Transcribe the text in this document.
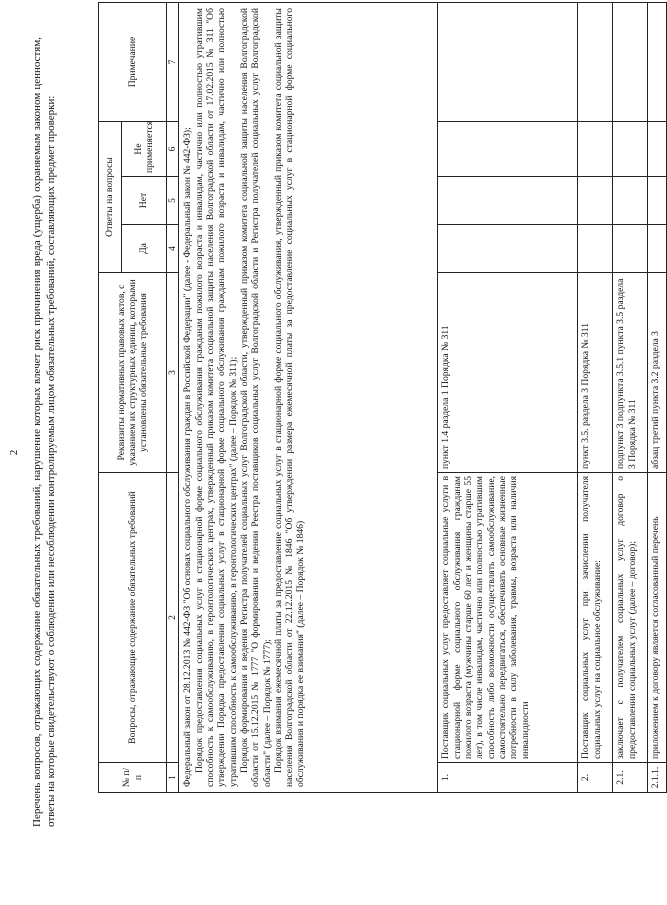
2 Перечень вопросов, отражающих содержание обязательных требований, нарушение которых влечет риск причинения вреда (ущерба) охраняемым законом ценностям, ответы на которые свидетельствуют о соблюдении или несоблюдении контролируемым лицом обязательных требований, составляющих предмет проверки:	№ п/п	Вопросы, отражающие содержание обязательных требований	Реквизиты нормативных правовых актов, с указанием их структурных единиц, которыми установлены обязательные требования	Ответы на вопросы			Примечание
			Да	Нет	Не применяется	
1	2	3	4	5	6	7

Федеральный закон от 28.12.2013 № 442-ФЗ "Об основах социального обслуживания граждан в Российской Федерации" (далее - Федеральный закон № 442-ФЗ); Порядок предоставления социальных услуг в стационарной форме социального обслуживания гражданам пожилого возраста и инвалидам, частично или полностью утратившим способность к самообслуживанию, в геронтологических центрах, утвержденный приказом комитета социальной защиты населения Волгоградской области от 17.02.2015 № 311 "Об утверждении Порядка предоставления социальных услуг в стационарной форме социального обслуживания гражданам пожилого возраста и инвалидам, частично или полностью утратившим способность к самообслуживанию, в геронтологических центрах" (далее – Порядок № 311); Порядок формирования и ведения Регистра получателей социальных услуг Волгоградской области, утвержденный приказом комитета социальной защиты населения Волгоградской области от 15.12.2015 № 1777 "О формировании и ведении Реестра поставщиков социальных услуг Волгоградской области и Регистра получателей социальных услуг Волгоградской области" (далее – Порядок № 1777); Порядок взимания ежемесячной платы за предоставление социальных услуг в стационарной форме социального обслуживания, утвержденный приказом комитета социальной защиты населения Волгоградской области от 22.12.2015 № 1846 "Об утверждении размера ежемесячной платы за предоставление социальных услуг в стационарной форме социального обслуживания и порядка ее взимания" (далее – Порядок № 1846)						

1.	Поставщик социальных услуг предоставляет социальные услуги в стационарной форме социального обслуживания гражданам пожилого возраста (мужчины старше 60 лет и женщины старше 55 лет), в том числе инвалидам, частично или полностью утратившим способность либо возможности осуществлять самообслуживание, самостоятельно передвигаться, обеспечивать основные жизненные потребности в силу заболевания, травмы, возраста или наличия инвалидности	пункт 1.4 раздела 1 Порядка № 311				
2.	Поставщик социальных услуг при зачислении получателя социальных услуг на социальное обслуживание:	пункт 3.5. раздела 3 Порядка № 311				
2.1.	заключает с получателем социальных услуг договор о предоставлении социальных услуг (далее – договор);	подпункт 3 подпункта 3.5.1 пункта 3.5 раздела 3 Порядка № 311				
2.1.1.	приложением к договору является согласованный перечень	абзац третий пункта 3.2 раздела 3				
